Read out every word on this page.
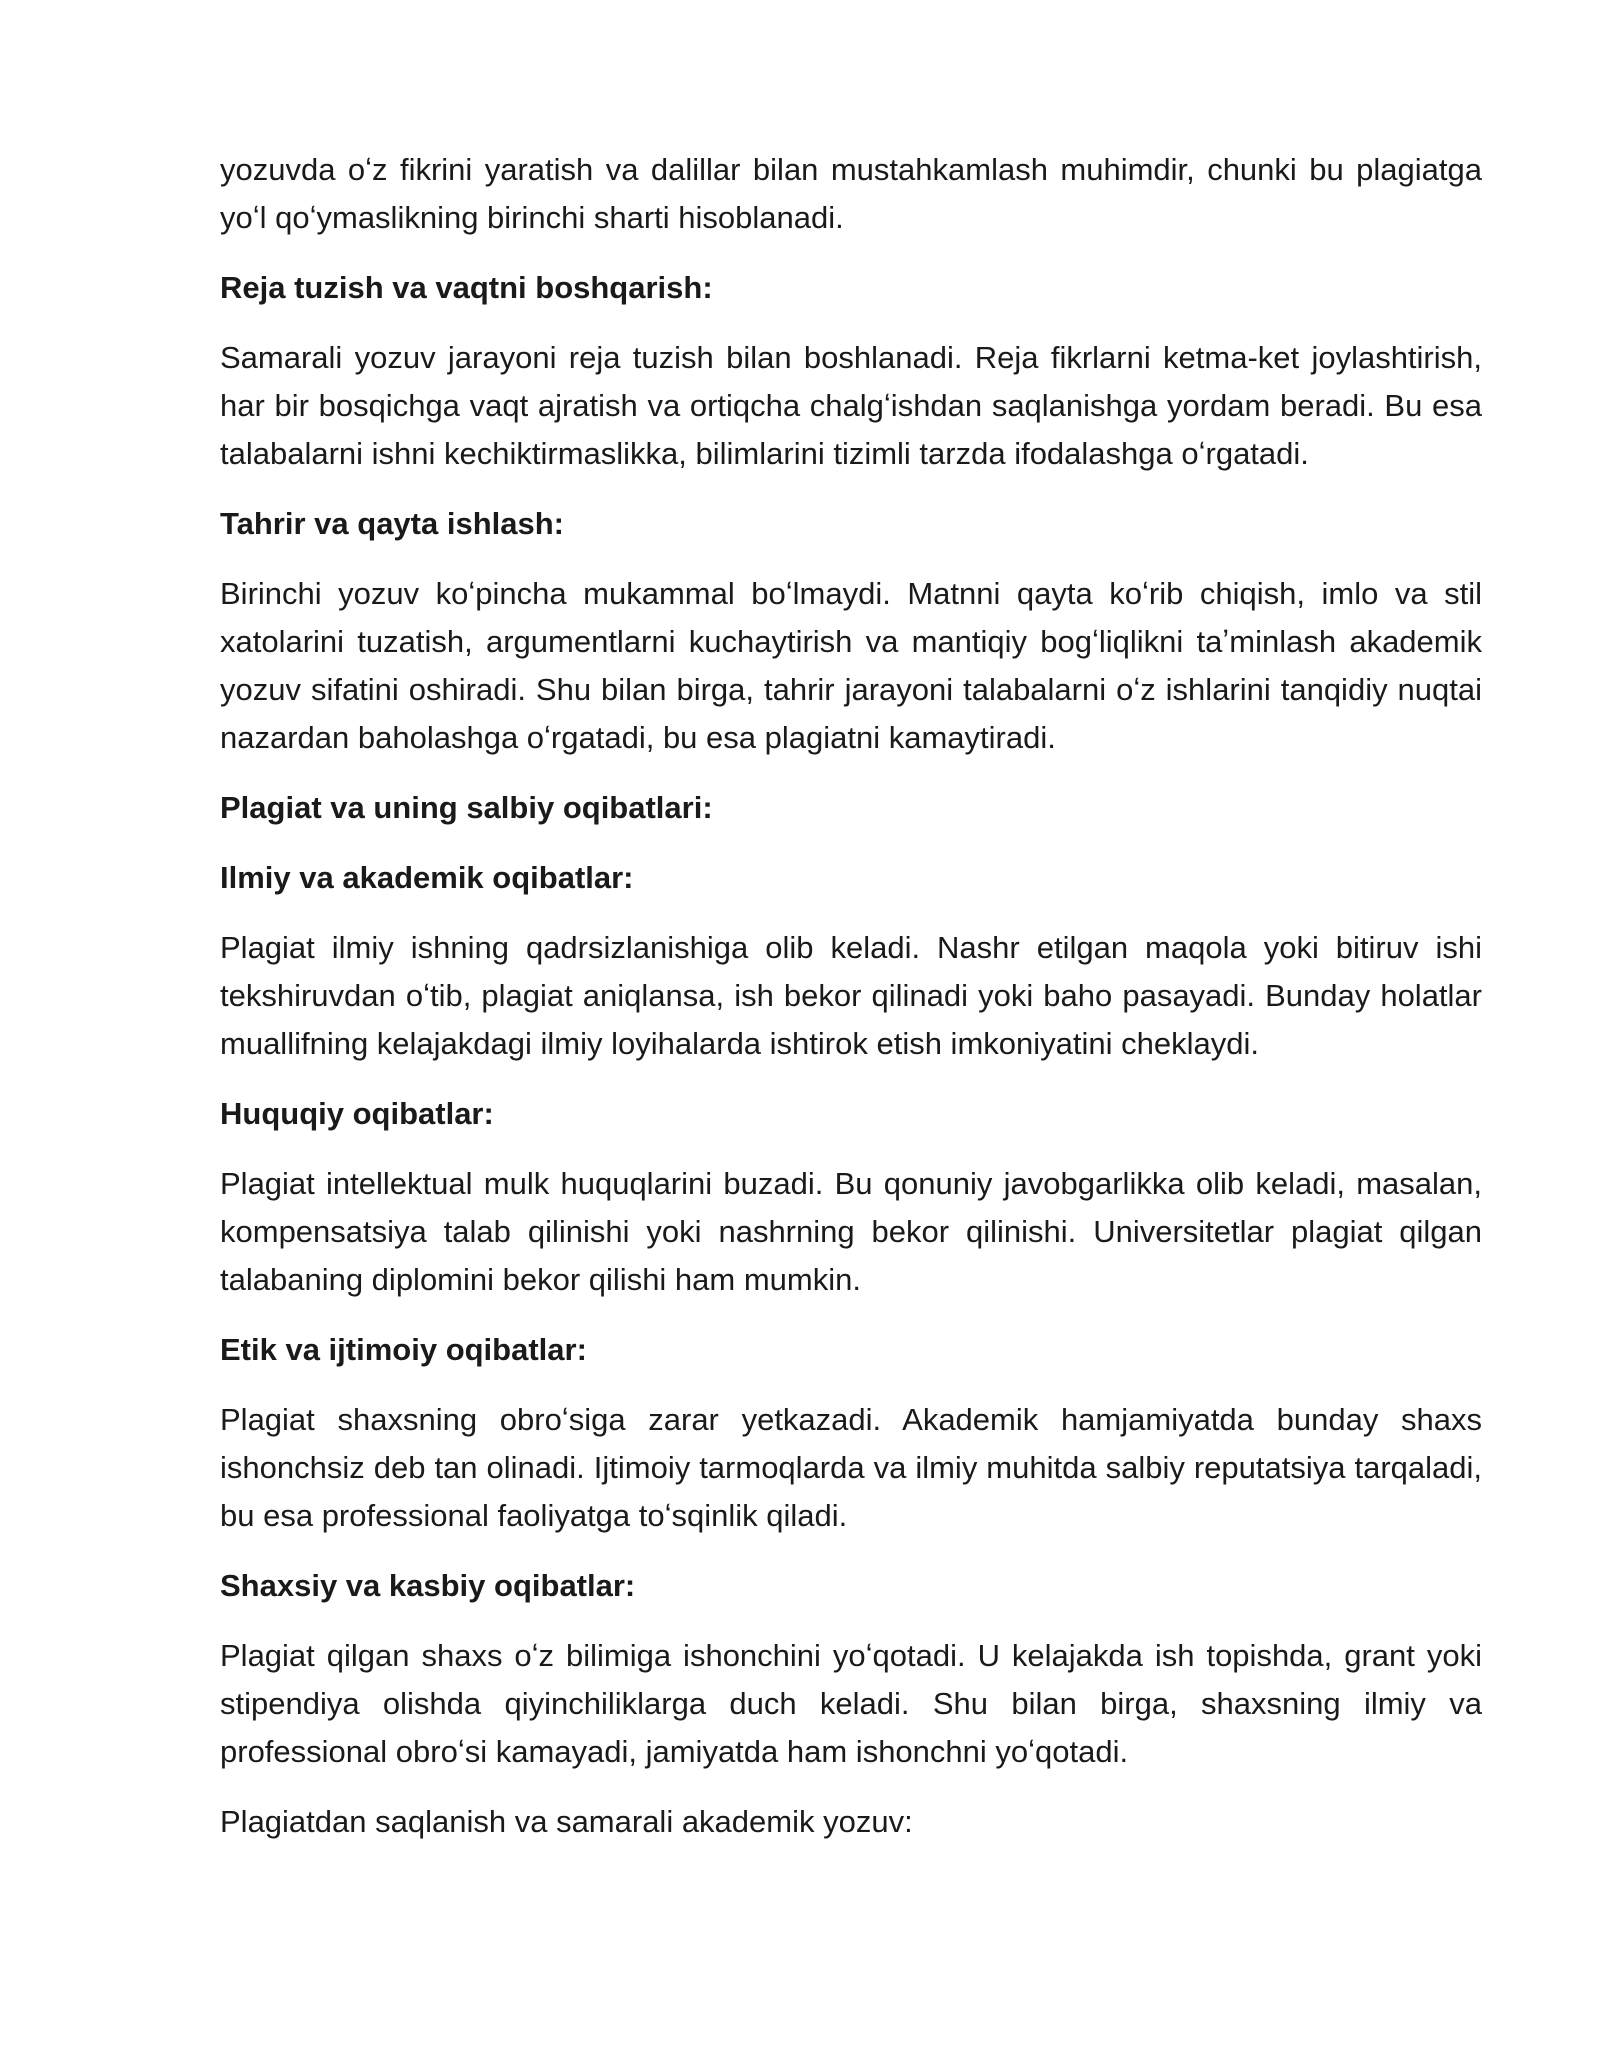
yozuvda oʻz fikrini yaratish va dalillar bilan mustahkamlash muhimdir, chunki bu plagiatga yoʻl qoʻymaslikning birinchi sharti hisoblanadi.

Reja tuzish va vaqtni boshqarish:

Samarali yozuv jarayoni reja tuzish bilan boshlanadi. Reja fikrlarni ketma-ket joylashtirish, har bir bosqichga vaqt ajratish va ortiqcha chalgʻishdan saqlanishga yordam beradi. Bu esa talabalarni ishni kechiktirmaslikka, bilimlarini tizimli tarzda ifodalashga oʻrgatadi.

Tahrir va qayta ishlash:

Birinchi yozuv koʻpincha mukammal boʻlmaydi. Matnni qayta koʻrib chiqish, imlo va stil xatolarini tuzatish, argumentlarni kuchaytirish va mantiqiy bogʻliqlikni taʼminlash akademik yozuv sifatini oshiradi. Shu bilan birga, tahrir jarayoni talabalarni oʻz ishlarini tanqidiy nuqtai nazardan baholashga oʻrgatadi, bu esa plagiatni kamaytiradi.

Plagiat va uning salbiy oqibatlari:

Ilmiy va akademik oqibatlar:

Plagiat ilmiy ishning qadrsizlanishiga olib keladi. Nashr etilgan maqola yoki bitiruv ishi tekshiruvdan oʻtib, plagiat aniqlansa, ish bekor qilinadi yoki baho pasayadi. Bunday holatlar muallifning kelajakdagi ilmiy loyihalarda ishtirok etish imkoniyatini cheklaydi.

Huquqiy oqibatlar:

Plagiat intellektual mulk huquqlarini buzadi. Bu qonuniy javobgarlikka olib keladi, masalan, kompensatsiya talab qilinishi yoki nashrning bekor qilinishi. Universitetlar plagiat qilgan talabaning diplomini bekor qilishi ham mumkin.

Etik va ijtimoiy oqibatlar:

Plagiat shaxsning obroʻsiga zarar yetkazadi. Akademik hamjamiyatda bunday shaxs ishonchsiz deb tan olinadi. Ijtimoiy tarmoqlarda va ilmiy muhitda salbiy reputatsiya tarqaladi, bu esa professional faoliyatga toʻsqinlik qiladi.

Shaxsiy va kasbiy oqibatlar:

Plagiat qilgan shaxs oʻz bilimiga ishonchini yoʻqotadi. U kelajakda ish topishda, grant yoki stipendiya olishda qiyinchiliklarga duch keladi. Shu bilan birga, shaxsning ilmiy va professional obroʻsi kamayadi, jamiyatda ham ishonchni yoʻqotadi.

Plagiatdan saqlanish va samarali akademik yozuv:
